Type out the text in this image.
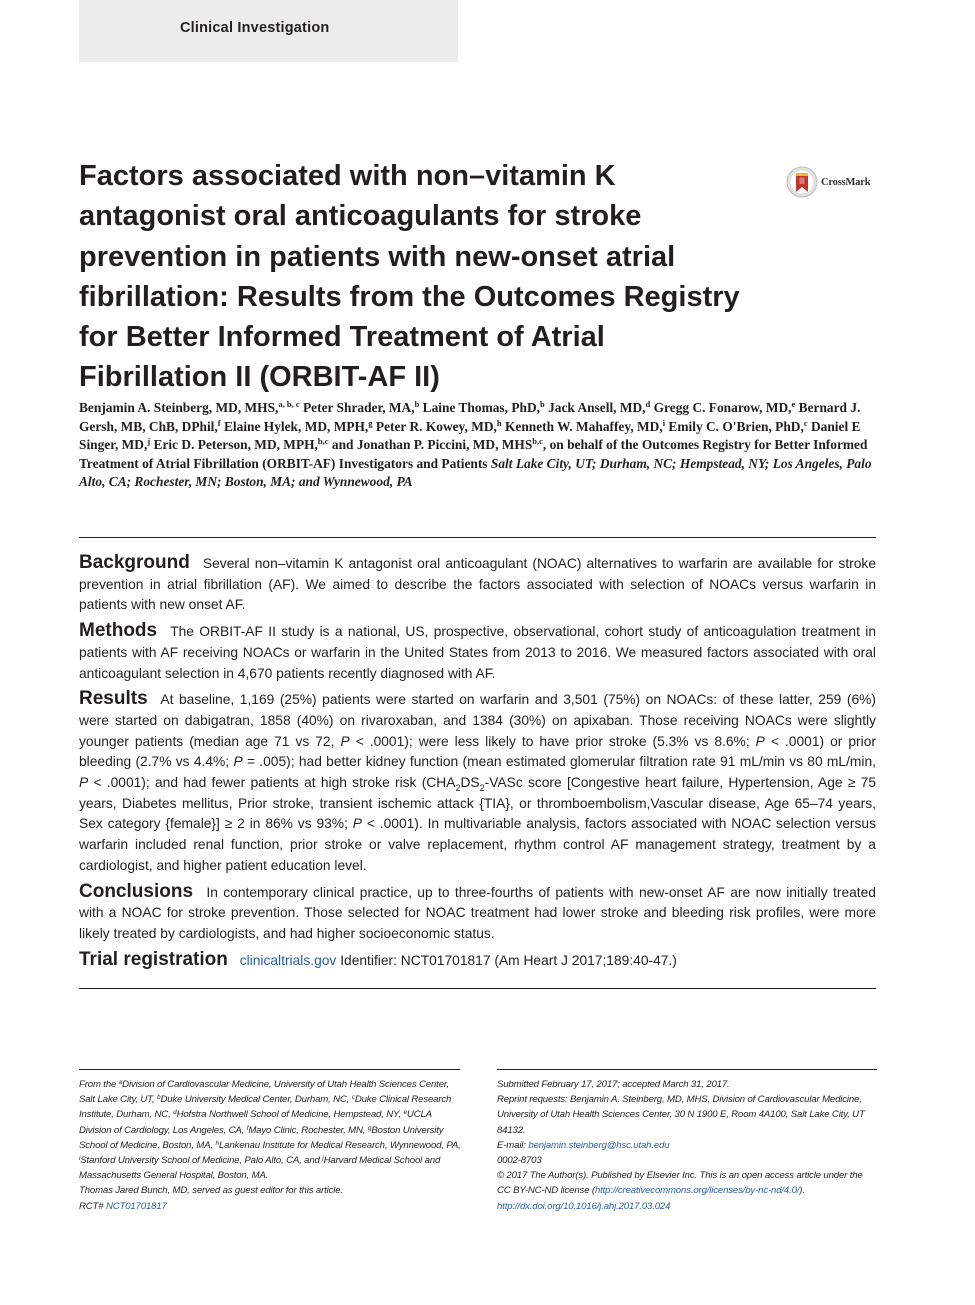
Clinical Investigation
Factors associated with non–vitamin K antagonist oral anticoagulants for stroke prevention in patients with new-onset atrial fibrillation: Results from the Outcomes Registry for Better Informed Treatment of Atrial Fibrillation II (ORBIT-AF II)
CrossMark
Benjamin A. Steinberg, MD, MHS,$^{a, b, c}$ Peter Shrader, MA,$^b$ Laine Thomas, PhD,$^b$ Jack Ansell, MD,$^d$ Gregg C. Fonarow, MD,$^e$ Bernard J. Gersh, MB, ChB, DPhil,$^f$ Elaine Hylek, MD, MPH,$^g$ Peter R. Kowey, MD,$^h$ Kenneth W. Mahaffey, MD,$^i$ Emily C. O'Brien, PhD,$^c$ Daniel E Singer, MD,$^j$ Eric D. Peterson, MD, MPH,$^{b,c}$ and Jonathan P. Piccini, MD, MHS$^{b,c}$, on behalf of the Outcomes Registry for Better Informed Treatment of Atrial Fibrillation (ORBIT-AF) Investigators and Patients Salt Lake City, UT; Durham, NC; Hempstead, NY; Los Angeles, Palo Alto, CA; Rochester, MN; Boston, MA; and Wynnewood, PA

Background Several non–vitamin K antagonist oral anticoagulant (NOAC) alternatives to warfarin are available for stroke prevention in atrial fibrillation (AF). We aimed to describe the factors associated with selection of NOACs versus warfarin in patients with new onset AF.

Methods The ORBIT-AF II study is a national, US, prospective, observational, cohort study of anticoagulation treatment in patients with AF receiving NOACs or warfarin in the United States from 2013 to 2016. We measured factors associated with oral anticoagulant selection in 4,670 patients recently diagnosed with AF.

Results At baseline, 1,169 (25%) patients were started on warfarin and 3,501 (75%) on NOACs: of these latter, 259 (6%) were started on dabigatran, 1858 (40%) on rivaroxaban, and 1384 (30%) on apixaban. Those receiving NOACs were slightly younger patients (median age 71 vs 72, P < .0001); were less likely to have prior stroke (5.3% vs 8.6%; P < .0001) or prior bleeding (2.7% vs 4.4%; P = .005); had better kidney function (mean estimated glomerular filtration rate 91 mL/min vs 80 mL/min, P < .0001); and had fewer patients at high stroke risk ($CHA_2DS_2$-VASc score [Congestive heart failure, Hypertension, Age ≥ 75 years, Diabetes mellitus, Prior stroke, transient ischemic attack {TIA}, or thromboembolism,Vascular disease, Age 65–74 years, Sex category {female}] ≥ 2 in 86% vs 93%; P < .0001). In multivariable analysis, factors associated with NOAC selection versus warfarin included renal function, prior stroke or valve replacement, rhythm control AF management strategy, treatment by a cardiologist, and higher patient education level.

Conclusions In contemporary clinical practice, up to three-fourths of patients with new-onset AF are now initially treated with a NOAC for stroke prevention. Those selected for NOAC treatment had lower stroke and bleeding risk profiles, were more likely treated by cardiologists, and had higher socioeconomic status.

Trial registration clinicaltrials.gov Identifier: NCT01701817 (Am Heart J 2017;189:40-47.)

From the $^a$Division of Cardiovascular Medicine, University of Utah Health Sciences Center, Salt Lake City, UT, $^b$Duke University Medical Center, Durham, NC, $^c$Duke Clinical Research Institute, Durham, NC, $^d$Hofstra Northwell School of Medicine, Hempstead, NY, $^e$UCLA Division of Cardiology, Los Angeles, CA, $^f$Mayo Clinic, Rochester, MN, $^g$Boston University School of Medicine, Boston, MA, $^h$Lankenau Institute for Medical Research, Wynnewood, PA, $^i$Stanford University School of Medicine, Palo Alto, CA, and $^j$Harvard Medical School and Massachusetts General Hospital, Boston, MA.

Thomas Jared Bunch, MD, served as guest editor for this article.

RCT# NCT01701817

Submitted February 17, 2017; accepted March 31, 2017.

Reprint requests: Benjamin A. Steinberg, MD, MHS, Division of Cardiovascular Medicine, University of Utah Health Sciences Center, 30 N 1900 E, Room 4A100, Salt Lake City, UT 84132.

E-mail: benjamin.steinberg@hsc.utah.edu

0002-8703

© 2017 The Author(s). Published by Elsevier Inc. This is an open access article under the CC BY-NC-ND license (http://creativecommons.org/licenses/by-nc-nd/4.0/).

http://dx.doi.org/10.1016/j.ahj.2017.03.024
